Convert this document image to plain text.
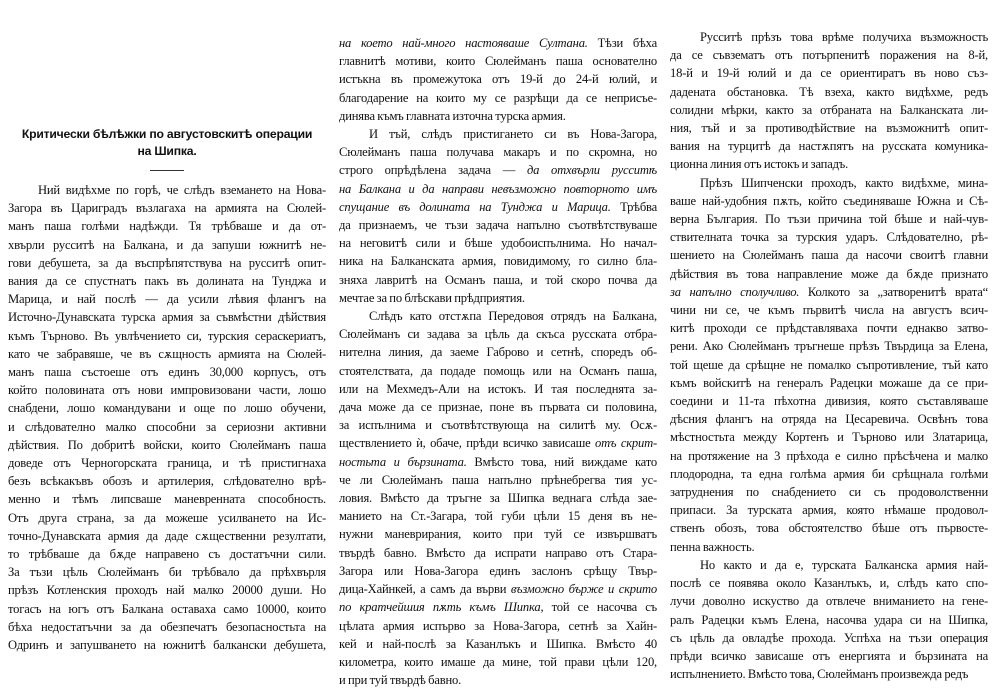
Критически бѣлѣжки по августовскитѣ операции
на Шипка.
Ний видѣхме по горѣ, че слѣдъ вземането на Нова-
Загора въ Цариградъ възлагаха на армията на Сюлей-
манъ паша голѣми надѣжди. Тя трѣбваше и да от-
хвърли русситѣ на Балкана, и да запуши южнитѣ не-
гови дебушета, за да въспрѣпятствува на русситѣ опит-
вания да се спустнатъ пакъ въ долината на Тунджа и
Марица, и най послѣ — да усили лѣвия флангъ на
Источно-Дунавската турска армия за съвмѣстни дѣйствия
къмъ Търново. Въ увлѣчението си, турския сераскериатъ,
като че забравяше, че въ сѫщность армията на Сюлей-
манъ паша състоеше отъ единъ 30,000 корпусъ, отъ
който половината отъ нови импровизовани части, лошо
снабдени, лошо командувани и още по лошо обучени,
и слѣдователно малко способни за сериозни активни
дѣйствия. По добритѣ войски, които Сюлейманъ паша
доведе отъ Черногорската граница, и тѣ пристигнаха
безъ всѣкакъвъ обозъ и артилерия, слѣдователно врѣ-
менно и тѣмъ липсваше маневренната способность.
Отъ друга страна, за да можеше усилването на Ис-
точно-Дунавската армия да даде сѫщественни резултати,
то трѣбваше да бѫде направено съ достатъчни сили.
За тъзи цѣль Сюлейманъ би трѣбвало да прѣхвърля
прѣзъ Котленския проходъ най малко 20000 души. Но
тогасъ на югъ отъ Балкана оставаха само 10000, които
бѣха недостатъчни за да обезпечатъ безопасностьта на
Одринъ и запушването на южнитѣ балкански дебушета,
на което най-много настояваше Султана. Тѣзи бѣха
главнитѣ мотиви, които Сюлейманъ паша основателно
истъкна въ промежутока отъ 19-й до 24-й юлий, и
благодарение на които му се разрѣщи да се неприсъе-
динява къмъ главната източна турска армия.
И тъй, слѣдъ пристигането си въ Нова-Загора,
Сюлейманъ паша получава макаръ и по скромна, но
строго опрѣдѣлена задача — да отхвърли русситѣ
на Балкана и да направи невъзможно повторното имъ
спущание въ долината на Тунджа и Марица. Трѣбва
да признаемъ, че тъзи задача напълно съотвѣтствуваше
на неговитѣ сили и бѣше удобоиспълнима. Но начал-
ника на Балканската армия, повидимому, го силно бла-
зняха лавритѣ на Османъ паша, и той скоро почва да
мечтае за по блѣскави прѣдприятия.
Слѣдъ като отстѫпа Передовоя отрядъ на Балкана,
Сюлейманъ си задава за цѣль да скъса русската отбра-
нителна линия, да заеме Габрово и сетнѣ, споредъ об-
стоятелствата, да подаде помощь или на Османъ паша,
или на Мехмедъ-Али на истокъ. И тая последнята за-
дача може да се признае, поне въ първата си половина,
за испълнима и съотвѣтствующа на силитѣ му. Осѫ-
ществлението ѝ, обаче, прѣди всичко зависаше отъ скрит-
ностьта и бързината. Вмѣсто това, ний виждаме като
че ли Сюлейманъ паша напълно прѣнебрегва тия ус-
ловия. Вмѣсто да тръгне за Шипка веднага слѣда зае-
манието на Ст.-Загара, той губи цѣли 15 деня въ не-
нужни маневрирания, които при туй се извършватъ
твърдѣ бавно. Вмѣсто да испрати направо отъ Стара-
Загора или Нова-Загора единъ заслонъ срѣщу Твър-
дица-Хайнкей, а самъ да върви възможно бърже и скрито
по кратчейшия пѫть къмъ Шипка, той се насочва съ
цѣлата армия испърво за Нова-Загора, сетнѣ за Хайн-
кей и най-послѣ за Казанлъкъ и Шипка. Вмѣсто 40
километра, които имаше да мине, той прави цѣли 120,
и при туй твърдѣ бавно.
Русситѣ прѣзъ това врѣме получиха възможность
да се съвзематъ отъ потърпенитѣ поражения на 8-й,
18-й и 19-й юлий и да се ориентиратъ въ ново съз-
дадената обстановка. Тѣ взеха, както видѣхме, редъ
солидни мѣрки, както за отбраната на Балканската ли-
ния, тъй и за противодѣйствие на възможнитѣ опит-
вания на турцитѣ да настѫпятъ на русската комуника-
ционна линия отъ истокъ и западъ.
Прѣзъ Шипченски проходъ, както видѣхме, мина-
ваше най-удобния пѫть, който съединяваше Южна и Сѣ-
верна България. По тъзи причина той бѣше и най-чув-
ствителната точка за турския ударъ. Слѣдователно, рѣ-
шението на Сюлейманъ паша да насочи своитѣ главни
дѣйствия въ това направление може да бѫде признато
за напълно сполучливо. Колкото за „затворенитѣ врата“
чини ни се, че къмъ първитѣ числа на августъ всич-
китѣ проходи се прѣдставляваха почти еднакво затво-
рени. Ако Сюлейманъ тръгнеше прѣзъ Твърдица за Елена,
той щеше да срѣщне не помалко съпротивление, тъй като
къмъ войскитѣ на генералъ Радецки можаше да се при-
соедини и 11-та пѣхотна дивизия, която съставляваше
дѣсния флангъ на отряда на Цесаревича. Освѣнъ това
мѣстностьта между Кортенъ и Търново или Златарица,
на протяжение на 3 прѣхода е силно прѣсѣчена и малко
плодородна, та една голѣма армия би срѣщнала голѣми
затруднения по снабдението си съ продоволственни
припаси. За турската армия, която нѣмаше продовол-
ственъ обозъ, това обстоятелство бѣше отъ първосте-
пенна важность.
Но както и да е, турската Балканска армия най-
послѣ се появява около Казанлъкъ, и, слѣдъ като спо-
лучи доволно искуство да отвлече вниманието на гене-
ралъ Радецки къмъ Елена, насочва удара си на Шипка,
съ цѣль да овладѣе прохода. Успѣха на тъзи операция
прѣди всичко зависаше отъ енергията и бързината на
испълнението. Вмѣсто това, Сюлейманъ произвежда редъ
